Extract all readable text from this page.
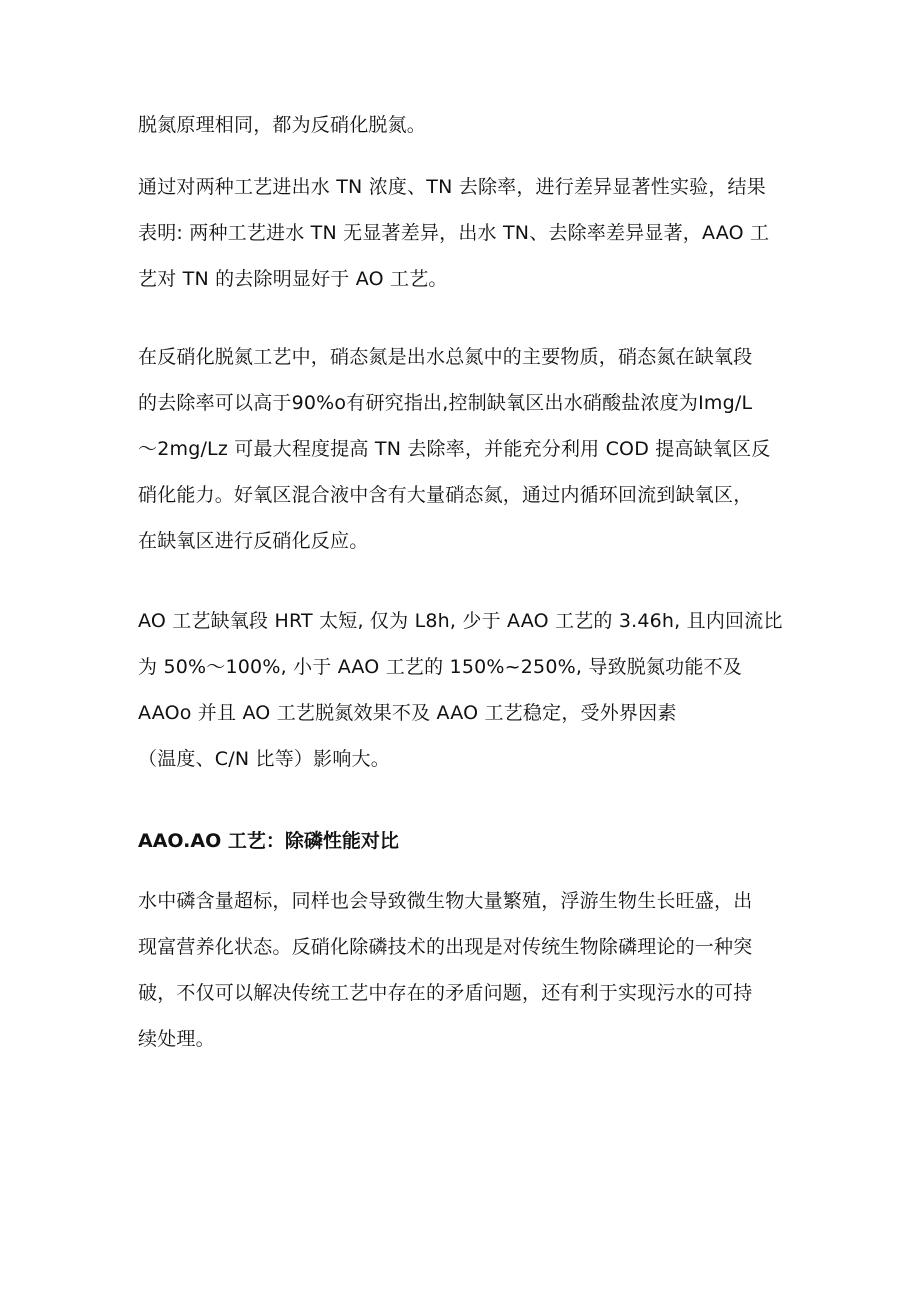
脱氮原理相同，都为反硝化脱氮。
通过对两种工艺进出水 TN 浓度、TN 去除率，进行差异显著性实验，结果
表明: 两种工艺进水 TN 无显著差异，出水 TN、去除率差异显著，AAO 工
艺对 TN 的去除明显好于 AO 工艺。
在反硝化脱氮工艺中，硝态氮是出水总氮中的主要物质，硝态氮在缺氧段
的去除率可以高于90%o有研究指出,控制缺氧区出水硝酸盐浓度为Img/L
～2mg/Lz 可最大程度提高 TN 去除率，并能充分利用 COD 提高缺氧区反
硝化能力。好氧区混合液中含有大量硝态氮，通过内循环回流到缺氧区，
在缺氧区进行反硝化反应。
AO 工艺缺氧段 HRT 太短, 仅为 L8h, 少于 AAO 工艺的 3.46h, 且内回流比
为 50%～100%, 小于 AAO 工艺的 150%~250%, 导致脱氮功能不及
AAOo 并且 AO 工艺脱氮效果不及 AAO 工艺稳定，受外界因素
（温度、C/N 比等）影响大。
AAO.AO 工艺：除磷性能对比
水中磷含量超标，同样也会导致微生物大量繁殖，浮游生物生长旺盛，出
现富营养化状态。反硝化除磷技术的出现是对传统生物除磷理论的一种突
破，不仅可以解决传统工艺中存在的矛盾问题，还有利于实现污水的可持
续处理。
